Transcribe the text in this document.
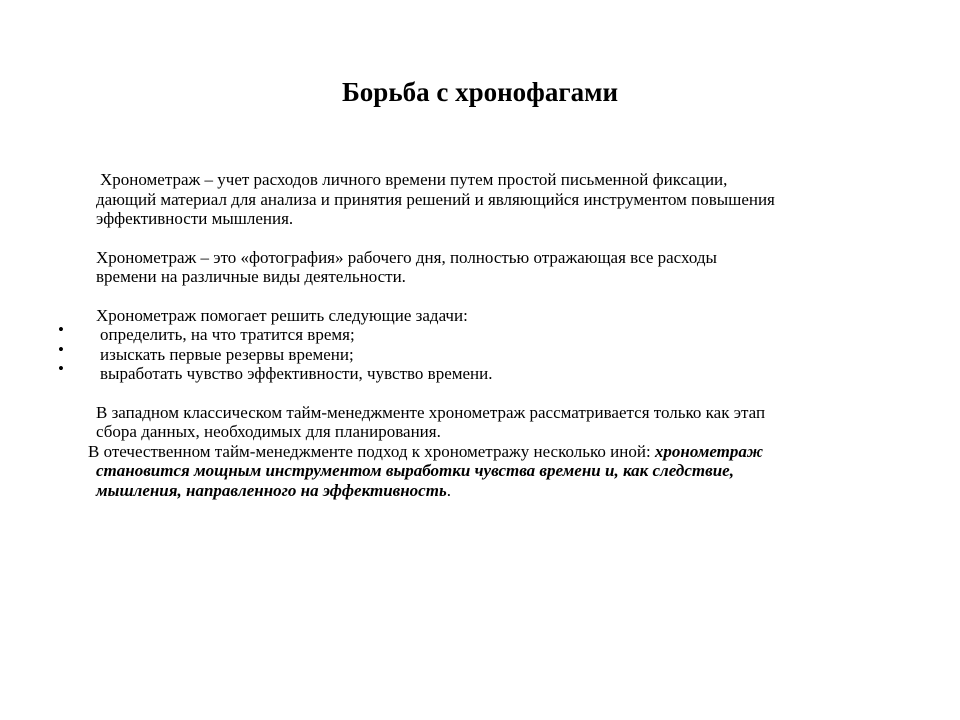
Борьба с хронофагами

Хронометраж – учет расходов личного времени путем простой письменной фиксации,
дающий материал для анализа и принятия решений и являющийся инструментом повышения
эффективности мышления.

Хронометраж – это «фотография» рабочего дня, полностью отражающая все расходы
времени на различные виды деятельности.

Хронометраж помогает решить следующие задачи:

• определить, на что тратится время;
• изыскать первые резервы времени;
• выработать чувство эффективности, чувство времени.

В западном классическом тайм-менеджменте хронометраж рассматривается только как этап
сбора данных, необходимых для планирования.

В отечественном тайм-менеджменте подход к хронометражу несколько иной: хронометраж
становится мощным инструментом выработки чувства времени и, как следствие,
мышления, направленного на эффективность.
